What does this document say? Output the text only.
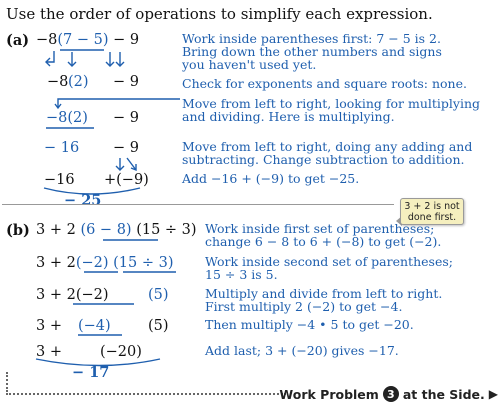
Use the order of operations to simplify each expression.
(a) −8(7 − 5) − 9
−8 (2) − 9
−8(2) − 9
− 16 − 9
−16 +(−9)
− 25
Work inside parentheses first: 7 − 5 is 2.
Bring down the other numbers and signs
you haven't used yet.
Check for exponents and square roots: none.
Move from left to right, looking for multiplying
and dividing. Here is multiplying.
Move from left to right, doing any adding and
subtracting. Change subtraction to addition.
Add −16 + (−9) to get −25.
3 + 2 is not
done first.
(b) 3 + 2 (6 − 8) (15 ÷ 3)
3 + 2(−2) (15 ÷ 3)
3 + 2(−2)	(5)
3 + (−4)	(5)
3 +	(−20)
− 17
Work inside first set of parentheses;
change 6 − 8 to 6 + (−8) to get (−2).
Work inside second set of parentheses;
15 ÷ 3 is 5.
Multiply and divide from left to right.
First multiply 2 (−2) to get −4.
Then multiply −4 • 5 to get −20.
Add last; 3 + (−20) gives −17.
Work Problem 3 at the Side. ▶
